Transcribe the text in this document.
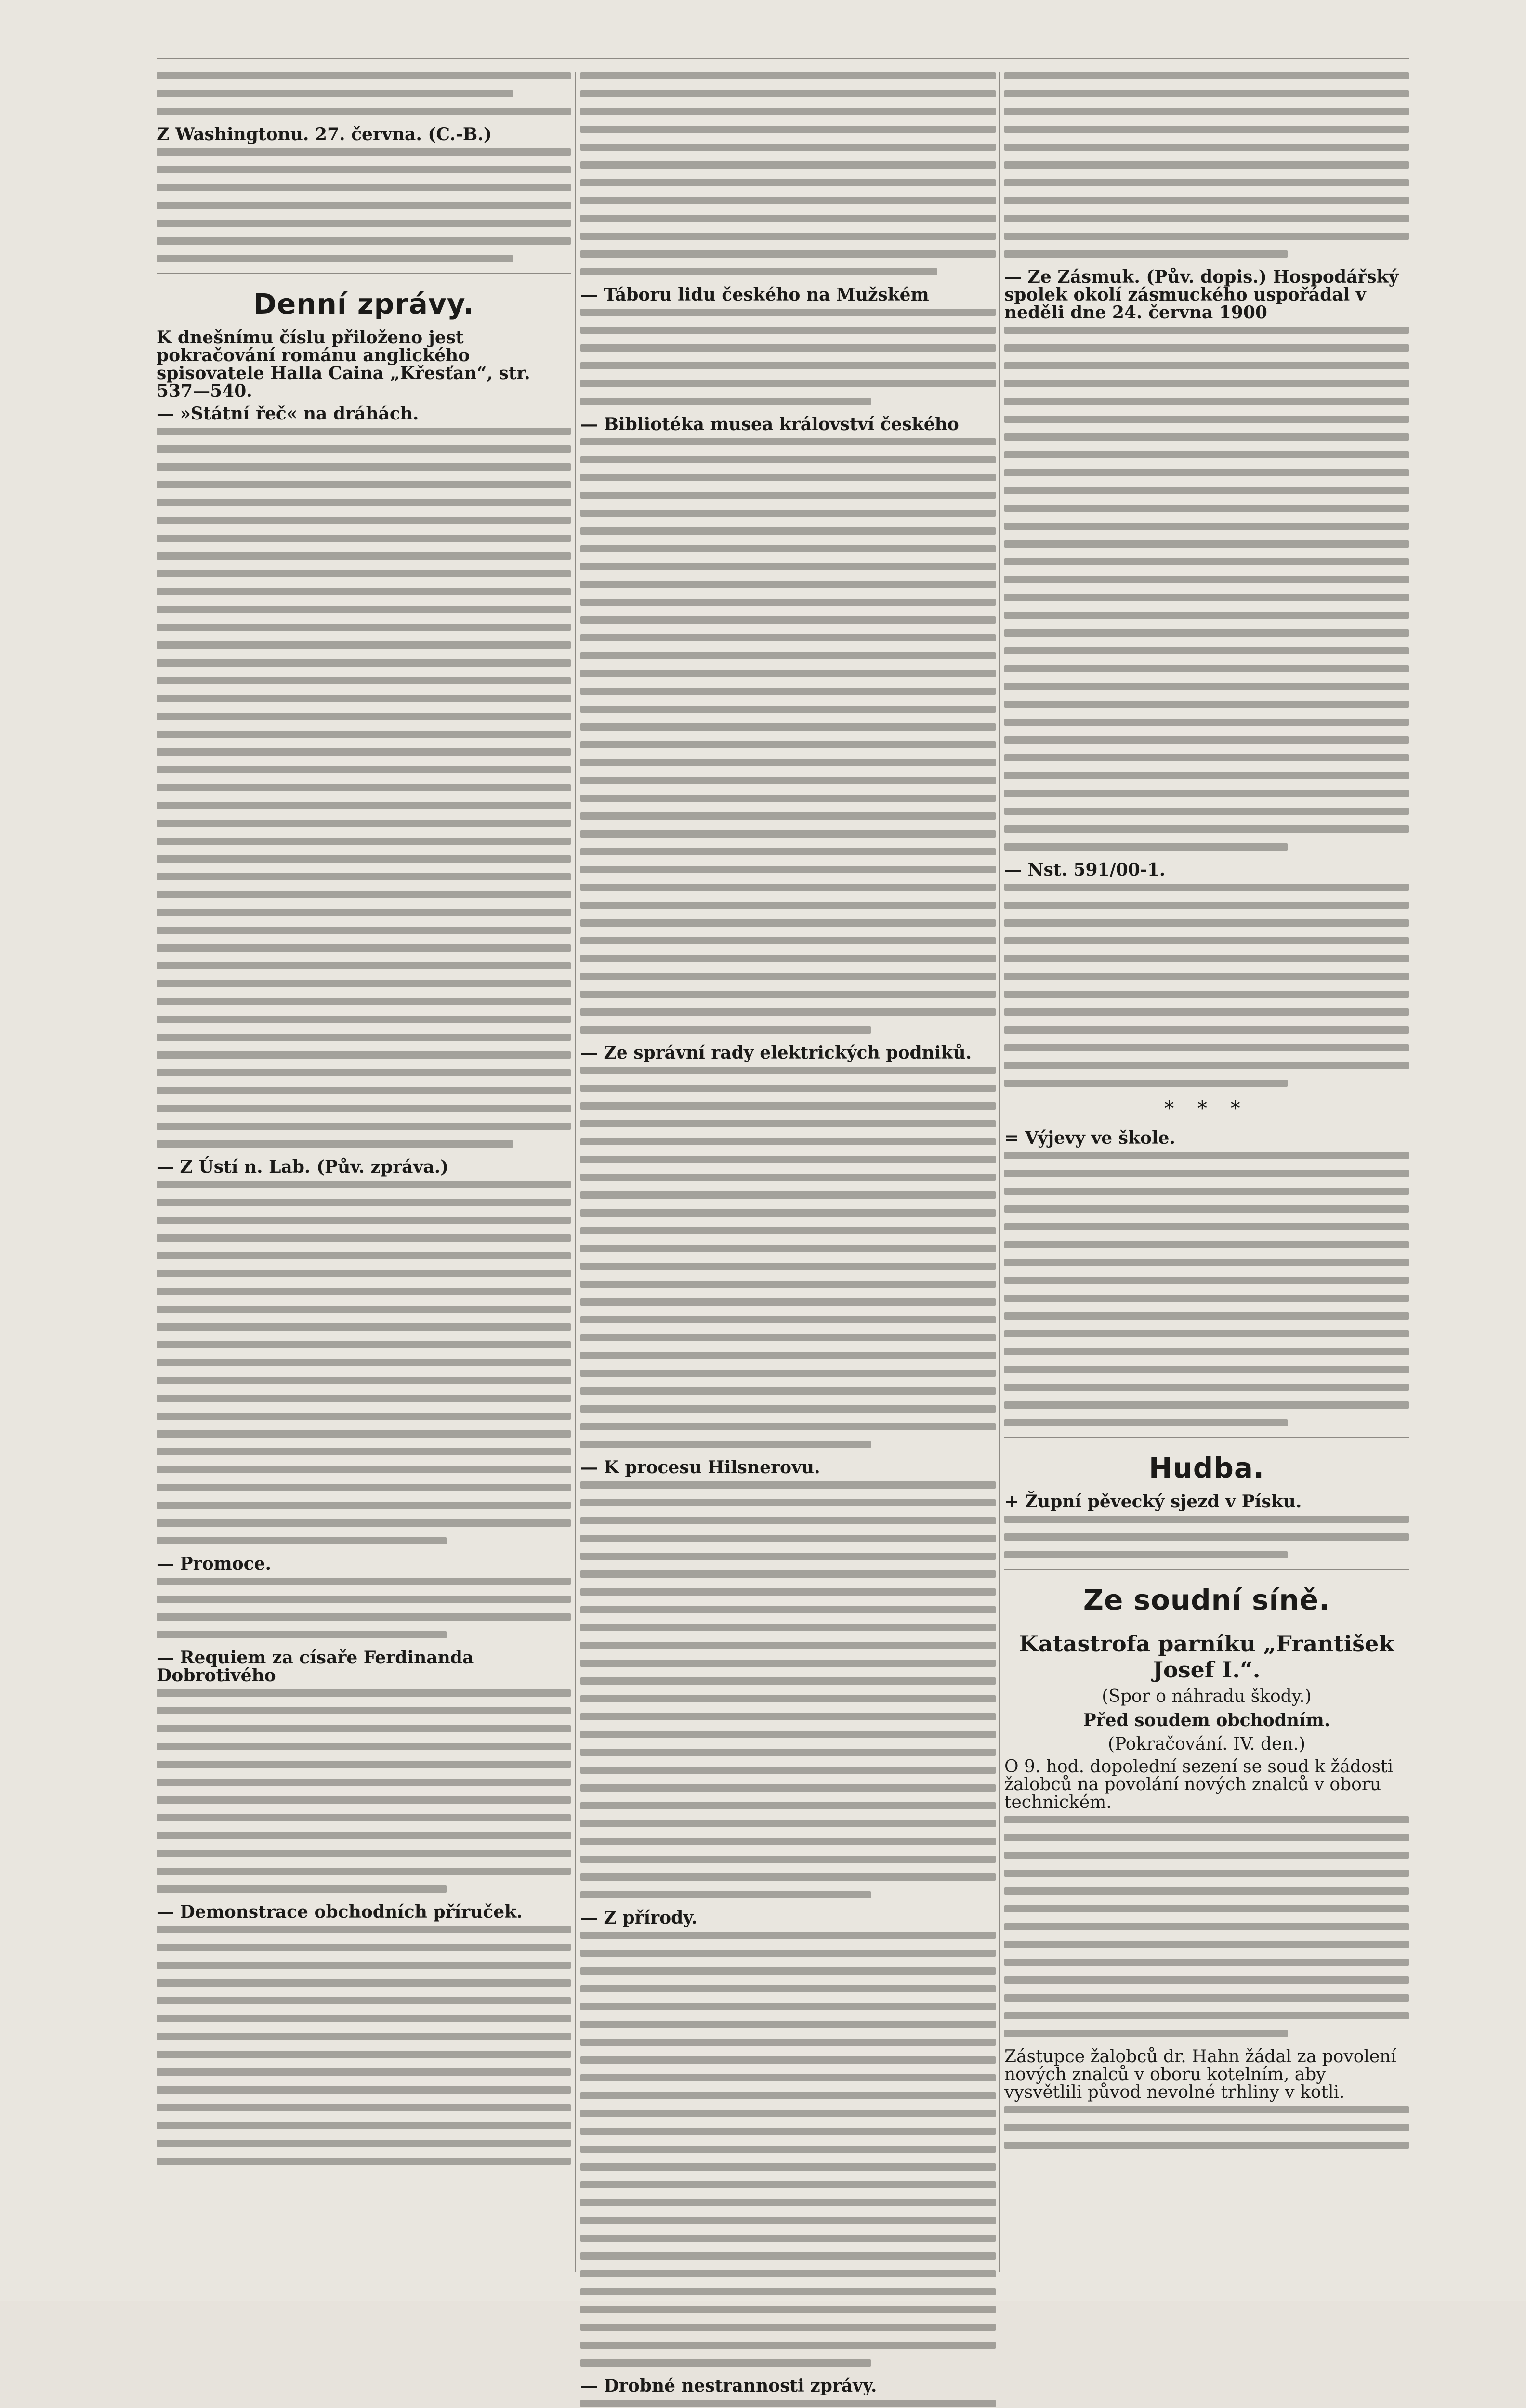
Z Washingtonu. 27. června. (C.-B.)

Denní zprávy.

K dnešnímu číslu přiloženo jest pokračování románu anglického spisovatele Halla Caina „Křesťan“, str. 537—540.

— »Státní řeč« na dráhách.

— Z Ústí n. Lab. (Pův. zpráva.)

— Promoce.

— Requiem za císaře Ferdinanda Dobrotivého

— Demonstrace obchodních příruček.

— Táboru lidu českého na Mužském

— Bibliotéka musea království českého

— Ze správní rady elektrických podniků.

— K procesu Hilsnerovu.

— Z přírody.

— Drobné nestrannosti zprávy.

— Ze Zásmuk. (Pův. dopis.) Hospodářský spolek okolí zásmuckého uspořádal v neděli dne 24. června 1900

— Nst. 591/00-1.

* * *

= Výjevy ve škole.

Hudba.

+ Župní pěvecký sjezd v Písku.

Ze soudní síně.
Katastrofa parníku „František Josef I.“.

(Spor o náhradu škody.)

Před soudem obchodním.

(Pokračování. IV. den.)

O 9. hod. dopolední sezení se soud k žádosti žalobců na povolání nových znalců v oboru technickém.

Zástupce žalobců dr. Hahn žádal za povolení nových znalců v oboru kotelním, aby vysvětlili původ nevolné trhliny v kotli.
